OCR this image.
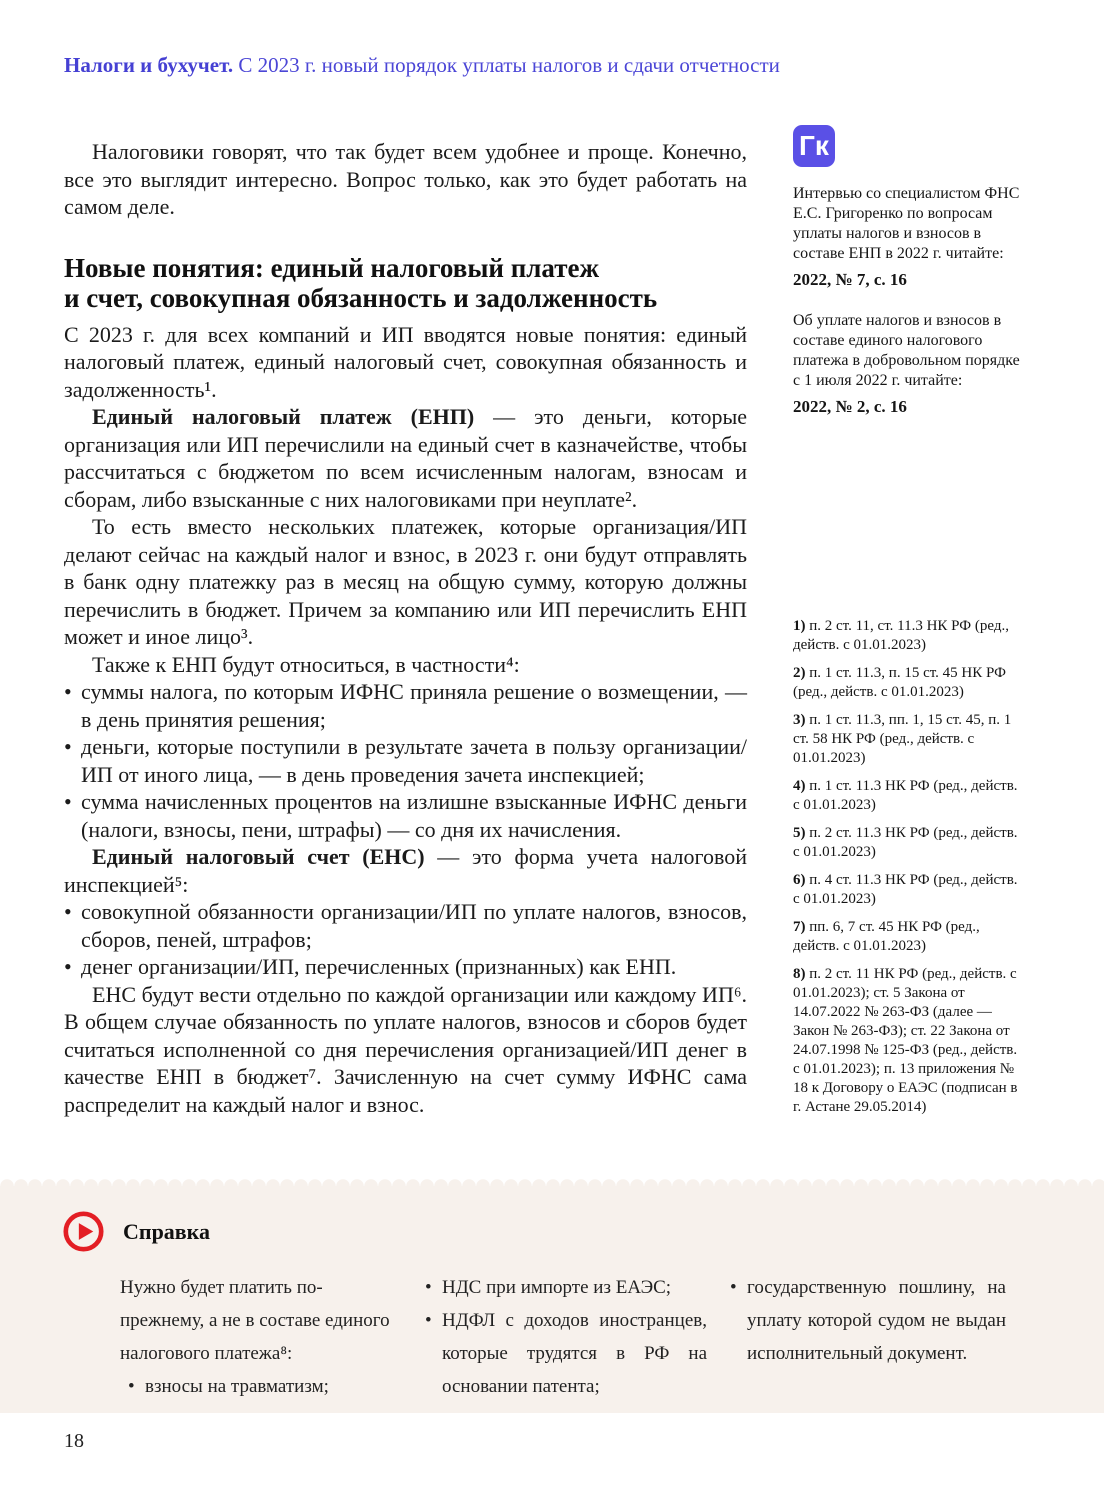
Налоги и бухучет. С 2023 г. новый порядок уплаты налогов и сдачи отчетности

Налоговики говорят, что так будет всем удобнее и проще. Конечно, все это выглядит интересно. Вопрос только, как это будет работать на самом деле.

Новые понятия: единый налоговый платеж
и счет, совокупная обязанность и задолженность

С 2023 г. для всех компаний и ИП вводятся новые понятия: единый налоговый платеж, единый налоговый счет, совокупная обязанность и задолженность¹.

Единый налоговый платеж (ЕНП) — это деньги, которые организация или ИП перечислили на единый счет в казначействе, чтобы рассчитаться с бюджетом по всем исчисленным налогам, взносам и сборам, либо взысканные с них налоговиками при неуплате².

То есть вместо нескольких платежек, которые организация/ИП делают сейчас на каждый налог и взнос, в 2023 г. они будут отправлять в банк одну платежку раз в месяц на общую сумму, которую должны перечислить в бюджет. Причем за компанию или ИП перечислить ЕНП может и иное лицо³.

Также к ЕНП будут относиться, в частности⁴:

• суммы налога, по которым ИФНС приняла решение о возмещении, — в день принятия решения;
• деньги, которые поступили в результате зачета в пользу организации/ИП от иного лица, — в день проведения зачета инспекцией;
• сумма начисленных процентов на излишне взысканные ИФНС деньги (налоги, взносы, пени, штрафы) — со дня их начисления.

Единый налоговый счет (ЕНС) — это форма учета налоговой инспекцией⁵:

• совокупной обязанности организации/ИП по уплате налогов, взносов, сборов, пеней, штрафов;
• денег организации/ИП, перечисленных (признанных) как ЕНП.

ЕНС будут вести отдельно по каждой организации или каждому ИП⁶. В общем случае обязанность по уплате налогов, взносов и сборов будет считаться исполненной со дня перечисления организацией/ИП денег в качестве ЕНП в бюджет⁷. Зачисленную на счет сумму ИФНС сама распределит на каждый налог и взнос.

Гк

Интервью со специалистом ФНС Е.С. Григоренко по вопросам уплаты налогов и взносов в составе ЕНП в 2022 г. читайте:

2022, № 7, с. 16

Об уплате налогов и взносов в составе единого налогового платежа в добровольном порядке с 1 июля 2022 г. читайте:

2022, № 2, с. 16

1) п. 2 ст. 11, ст. 11.3 НК РФ (ред., действ. с 01.01.2023)

2) п. 1 ст. 11.3, п. 15 ст. 45 НК РФ (ред., действ. с 01.01.2023)

3) п. 1 ст. 11.3, пп. 1, 15 ст. 45, п. 1 ст. 58 НК РФ (ред., действ. с 01.01.2023)

4) п. 1 ст. 11.3 НК РФ (ред., действ. с 01.01.2023)

5) п. 2 ст. 11.3 НК РФ (ред., действ. с 01.01.2023)

6) п. 4 ст. 11.3 НК РФ (ред., действ. с 01.01.2023)

7) пп. 6, 7 ст. 45 НК РФ (ред., действ. с 01.01.2023)

8) п. 2 ст. 11 НК РФ (ред., действ. с 01.01.2023); ст. 5 Закона от 14.07.2022 № 263-ФЗ (далее — Закон № 263-ФЗ); ст. 22 Закона от 24.07.1998 № 125-ФЗ (ред., действ. с 01.01.2023); п. 13 приложения № 18 к Договору о ЕАЭС (подписан в г. Астане 29.05.2014)

Справка

Нужно будет платить по-прежнему, а не в составе единого налогового платежа⁸:

• взносы на травматизм;
• НДС при импорте из ЕАЭС;
• НДФЛ с доходов иностранцев, которые трудятся в РФ на основании патента;
• государственную пошлину, на уплату которой судом не выдан исполнительный документ.
18
